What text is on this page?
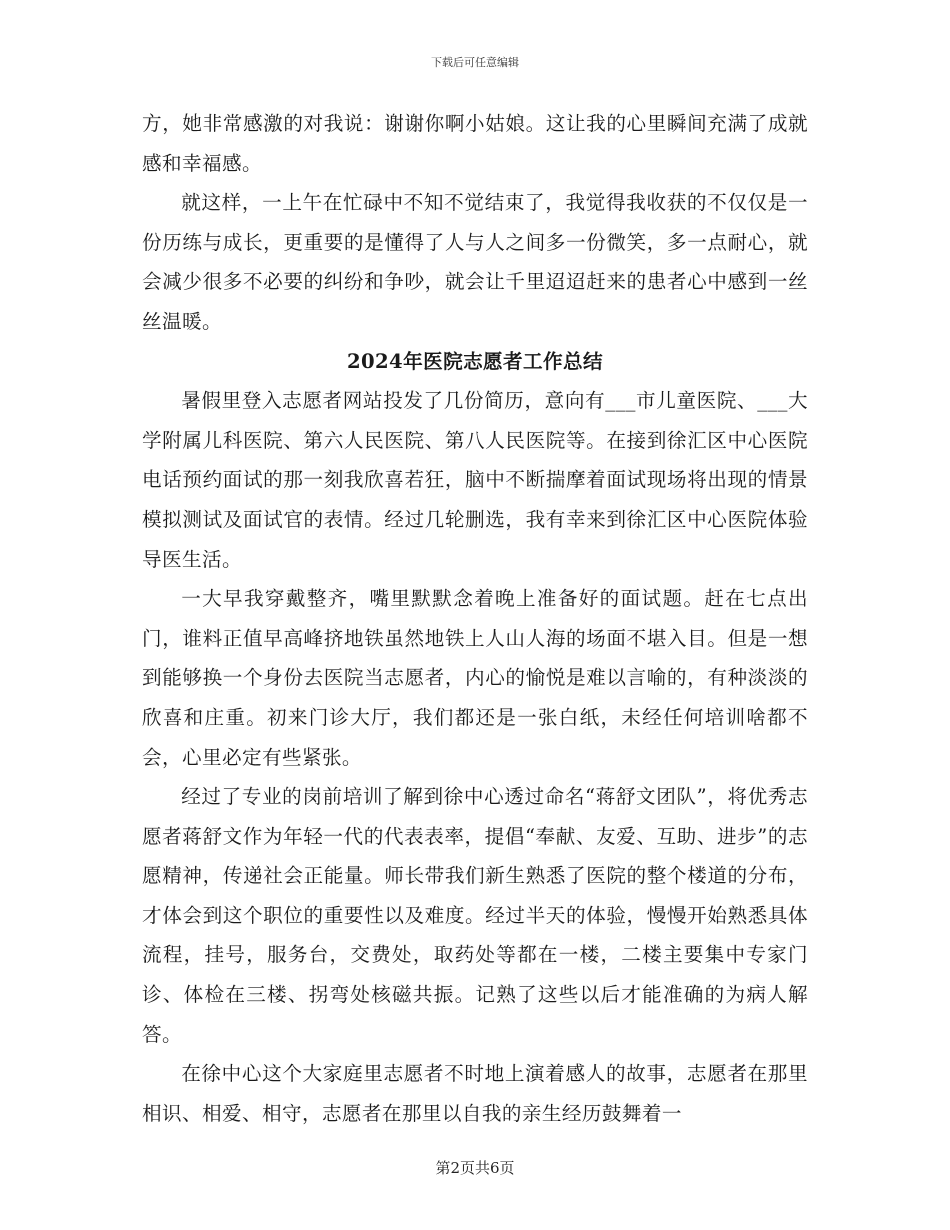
下载后可任意编辑

方，她非常感激的对我说：谢谢你啊小姑娘。这让我的心里瞬间充满了成就感和幸福感。

就这样，一上午在忙碌中不知不觉结束了，我觉得我收获的不仅仅是一份历练与成长，更重要的是懂得了人与人之间多一份微笑，多一点耐心，就会减少很多不必要的纠纷和争吵，就会让千里迢迢赶来的患者心中感到一丝丝温暖。

2024年医院志愿者工作总结

暑假里登入志愿者网站投发了几份简历，意向有___市儿童医院、___大学附属儿科医院、第六人民医院、第八人民医院等。在接到徐汇区中心医院电话预约面试的那一刻我欣喜若狂，脑中不断揣摩着面试现场将出现的情景模拟测试及面试官的表情。经过几轮删选，我有幸来到徐汇区中心医院体验导医生活。

一大早我穿戴整齐，嘴里默默念着晚上准备好的面试题。赶在七点出门，谁料正值早高峰挤地铁虽然地铁上人山人海的场面不堪入目。但是一想到能够换一个身份去医院当志愿者，内心的愉悦是难以言喻的，有种淡淡的欣喜和庄重。初来门诊大厅，我们都还是一张白纸，未经任何培训啥都不会，心里必定有些紧张。

经过了专业的岗前培训了解到徐中心透过命名“蒋舒文团队”，将优秀志愿者蒋舒文作为年轻一代的代表表率，提倡“奉献、友爱、互助、进步”的志愿精神，传递社会正能量。师长带我们新生熟悉了医院的整个楼道的分布，才体会到这个职位的重要性以及难度。经过半天的体验，慢慢开始熟悉具体流程，挂号，服务台，交费处，取药处等都在一楼，二楼主要集中专家门诊、体检在三楼、拐弯处核磁共振。记熟了这些以后才能准确的为病人解答。

在徐中心这个大家庭里志愿者不时地上演着感人的故事，志愿者在那里相识、相爱、相守，志愿者在那里以自我的亲生经历鼓舞着一

第2页共6页
